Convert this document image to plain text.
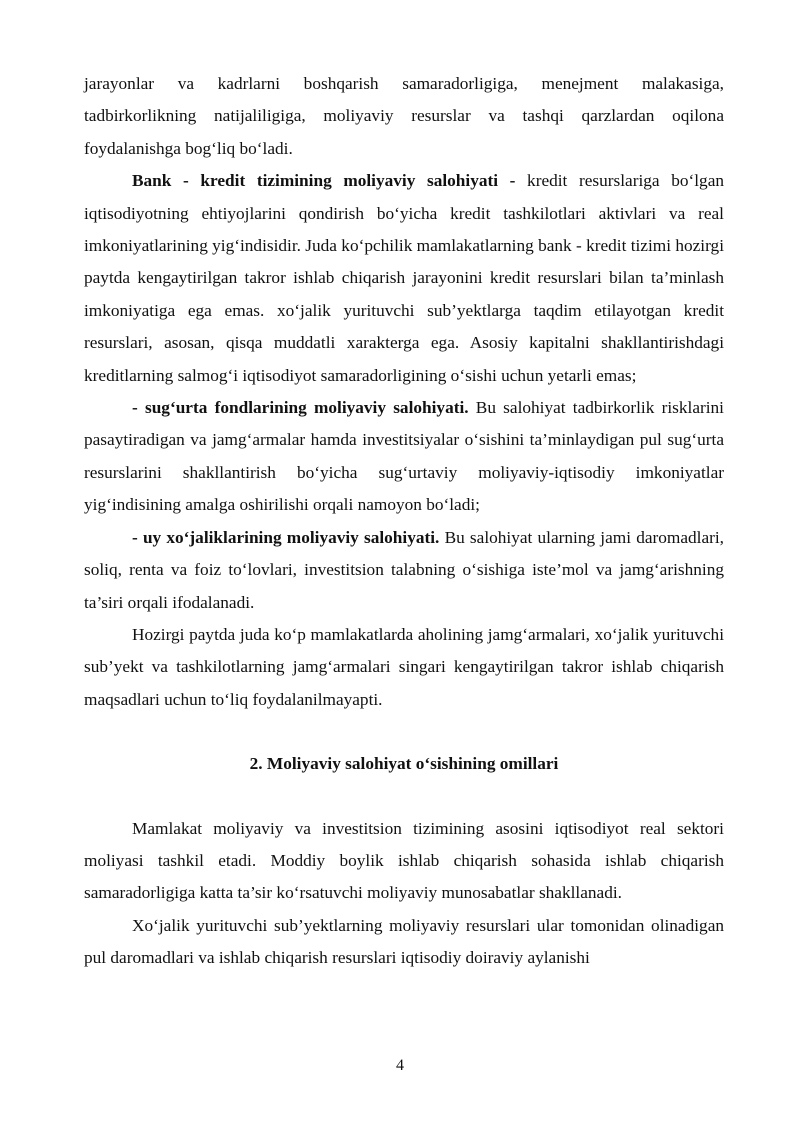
jarayonlar va kadrlarni boshqarish samaradorligiga, menejment malakasiga, tadbirkorlikning natijaliligiga, moliyaviy resurslar va tashqi qarzlardan oqilona foydalanishga bog‘liq bo‘ladi.

Bank - kredit tizimining moliyaviy salohiyati - kredit resurslariga bo‘lgan iqtisodiyotning ehtiyojlarini qondirish bo‘yicha kredit tashkilotlari aktivlari va real imkoniyatlarining yig‘indisidir. Juda ko‘pchilik mamlakatlarning bank - kredit tizimi hozirgi paytda kengaytirilgan takror ishlab chiqarish jarayonini kredit resurslari bilan ta’minlash imkoniyatiga ega emas. xo‘jalik yurituvchi sub’yektlarga taqdim etilayotgan kredit resurslari, asosan, qisqa muddatli xarakterga ega. Asosiy kapitalni shakllantirishdagi kreditlarning salmog‘i iqtisodiyot samaradorligining o‘sishi uchun yetarli emas;

- sug‘urta fondlarining moliyaviy salohiyati. Bu salohiyat tadbirkorlik risklarini pasaytiradigan va jamg‘armalar hamda investitsiyalar o‘sishini ta’minlaydigan pul sug‘urta resurslarini shakllantirish bo‘yicha sug‘urtaviy moliyaviy-iqtisodiy imkoniyatlar yig‘indisining amalga oshirilishi orqali namoyon bo‘ladi;

- uy xo‘jaliklarining moliyaviy salohiyati. Bu salohiyat ularning jami daromadlari, soliq, renta va foiz to‘lovlari, investitsion talabning o‘sishiga iste’mol va jamg‘arishning ta’siri orqali ifodalanadi.

Hozirgi paytda juda ko‘p mamlakatlarda aholining jamg‘armalari, xo‘jalik yurituvchi sub’yekt va tashkilotlarning jamg‘armalari singari kengaytirilgan takror ishlab chiqarish maqsadlari uchun to‘liq foydalanilmayapti.

2. Moliyaviy salohiyat o‘sishining omillari

Mamlakat moliyaviy va investitsion tizimining asosini iqtisodiyot real sektori moliyasi tashkil etadi. Moddiy boylik ishlab chiqarish sohasida ishlab chiqarish samaradorligiga katta ta’sir ko‘rsatuvchi moliyaviy munosabatlar shakllanadi.

Xo‘jalik yurituvchi sub’yektlarning moliyaviy resurslari ular tomonidan olinadigan pul daromadlari va ishlab chiqarish resurslari iqtisodiy doiraviy aylanishi

4
